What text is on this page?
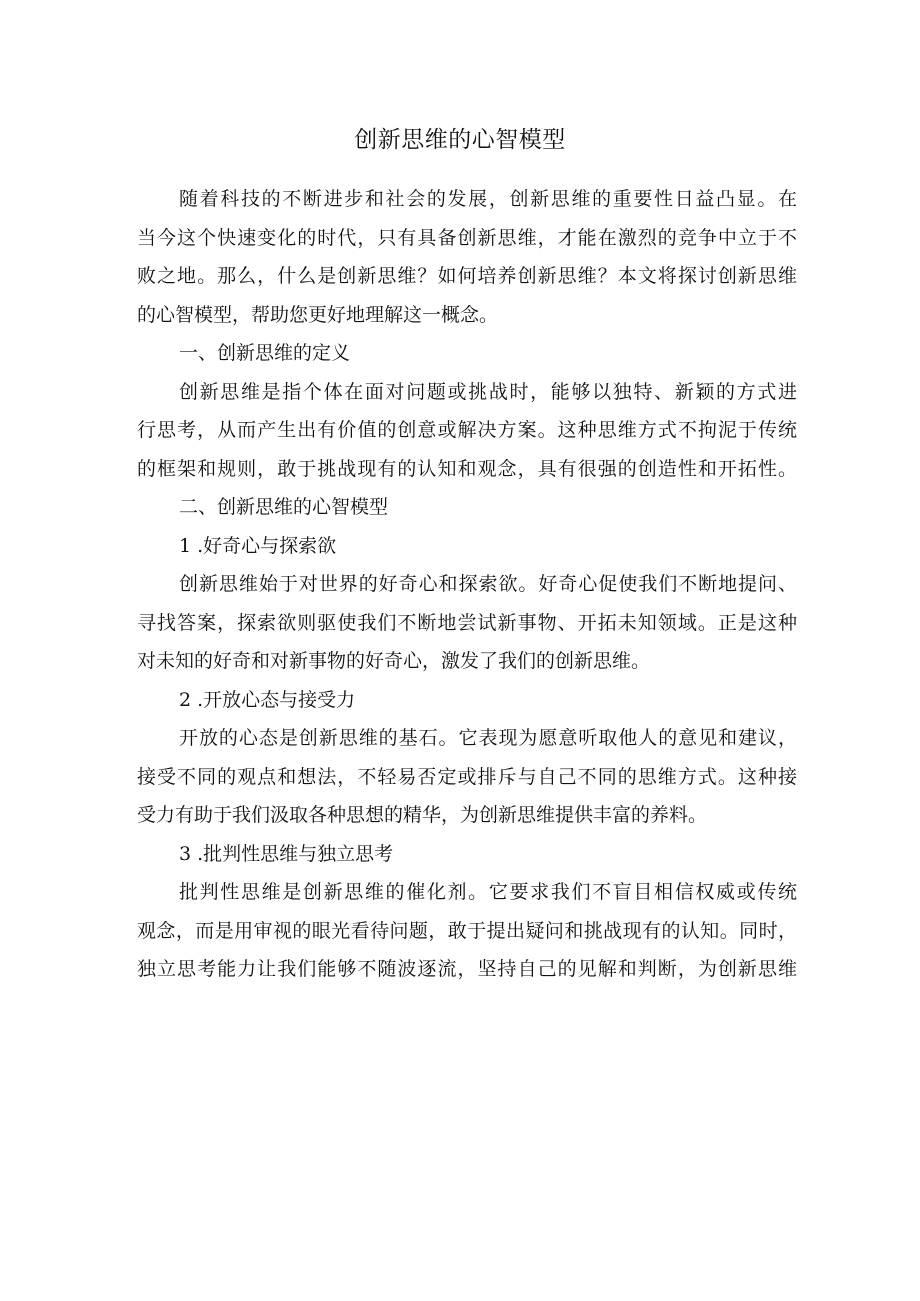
创新思维的心智模型
随着科技的不断进步和社会的发展，创新思维的重要性日益凸显。在
当今这个快速变化的时代，只有具备创新思维，才能在激烈的竞争中立于不
败之地。那么，什么是创新思维？如何培养创新思维？本文将探讨创新思维
的心智模型，帮助您更好地理解这一概念。
一、创新思维的定义
创新思维是指个体在面对问题或挑战时，能够以独特、新颖的方式进
行思考，从而产生出有价值的创意或解决方案。这种思维方式不拘泥于传统
的框架和规则，敢于挑战现有的认知和观念，具有很强的创造性和开拓性。
二、创新思维的心智模型
1 .好奇心与探索欲
创新思维始于对世界的好奇心和探索欲。好奇心促使我们不断地提问、
寻找答案，探索欲则驱使我们不断地尝试新事物、开拓未知领域。正是这种
对未知的好奇和对新事物的好奇心，激发了我们的创新思维。
2 .开放心态与接受力
开放的心态是创新思维的基石。它表现为愿意听取他人的意见和建议，
接受不同的观点和想法，不轻易否定或排斥与自己不同的思维方式。这种接
受力有助于我们汲取各种思想的精华，为创新思维提供丰富的养料。
3 .批判性思维与独立思考
批判性思维是创新思维的催化剂。它要求我们不盲目相信权威或传统
观念，而是用审视的眼光看待问题，敢于提出疑问和挑战现有的认知。同时，
独立思考能力让我们能够不随波逐流，坚持自己的见解和判断，为创新思维
